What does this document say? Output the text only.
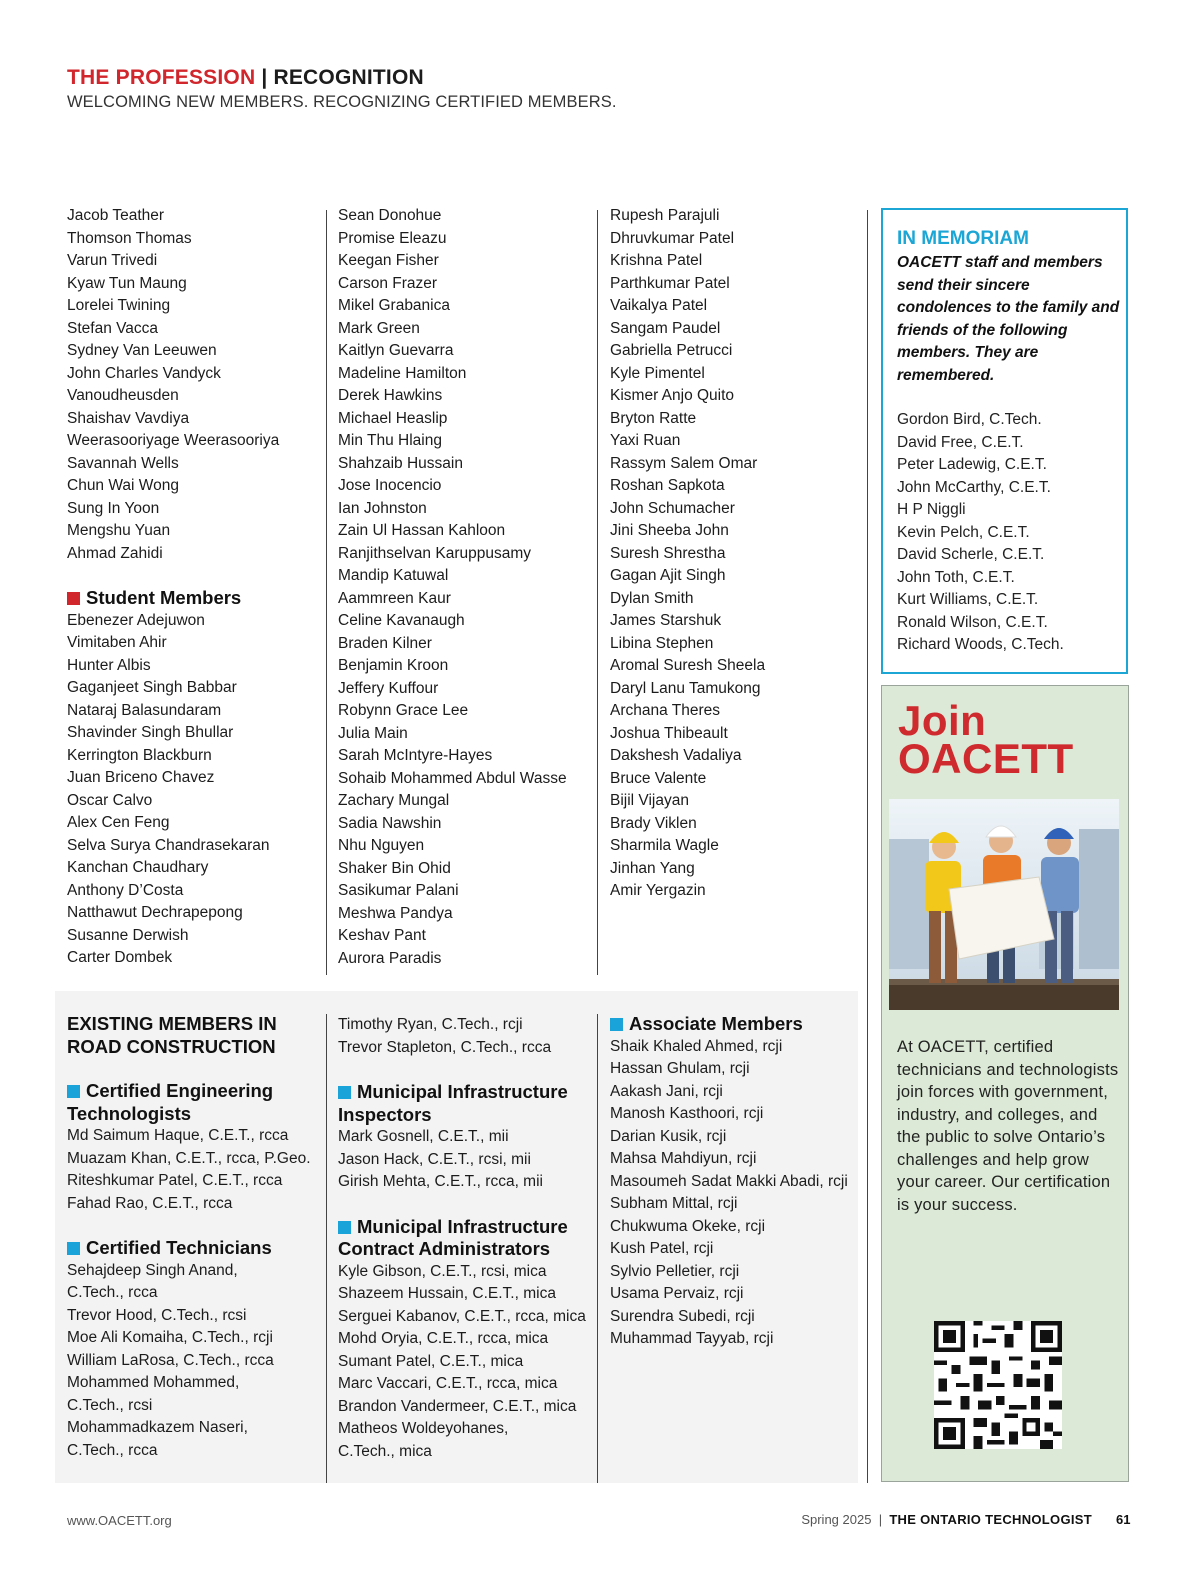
THE PROFESSION | RECOGNITION
WELCOMING NEW MEMBERS. RECOGNIZING CERTIFIED MEMBERS.
Jacob Teather
Thomson Thomas
Varun Trivedi
Kyaw Tun Maung
Lorelei Twining
Stefan Vacca
Sydney Van Leeuwen
John Charles Vandyck
Vanoudheusden
Shaishav Vavdiya
Weerasooriyage Weerasooriya
Savannah Wells
Chun Wai Wong
Sung In Yoon
Mengshu Yuan
Ahmad Zahidi
Student Members
Ebenezer Adejuwon
Vimitaben Ahir
Hunter Albis
Gaganjeet Singh Babbar
Nataraj Balasundaram
Shavinder Singh Bhullar
Kerrington Blackburn
Juan Briceno Chavez
Oscar Calvo
Alex Cen Feng
Selva Surya Chandrasekaran
Kanchan Chaudhary
Anthony D’Costa
Natthawut Dechrapepong
Susanne Derwish
Carter Dombek
Sean Donohue
Promise Eleazu
Keegan Fisher
Carson Frazer
Mikel Grabanica
Mark Green
Kaitlyn Guevarra
Madeline Hamilton
Derek Hawkins
Michael Heaslip
Min Thu Hlaing
Shahzaib Hussain
Jose Inocencio
Ian Johnston
Zain Ul Hassan Kahloon
Ranjithselvan Karuppusamy
Mandip Katuwal
Aammreen Kaur
Celine Kavanaugh
Braden Kilner
Benjamin Kroon
Jeffery Kuffour
Robynn Grace Lee
Julia Main
Sarah McIntyre-Hayes
Sohaib Mohammed Abdul Wasse
Zachary Mungal
Sadia Nawshin
Nhu Nguyen
Shaker Bin Ohid
Sasikumar Palani
Meshwa Pandya
Keshav Pant
Aurora Paradis
Rupesh Parajuli
Dhruvkumar Patel
Krishna Patel
Parthkumar Patel
Vaikalya Patel
Sangam Paudel
Gabriella Petrucci
Kyle Pimentel
Kismer Anjo Quito
Bryton Ratte
Yaxi Ruan
Rassym Salem Omar
Roshan Sapkota
John Schumacher
Jini Sheeba John
Suresh Shrestha
Gagan Ajit Singh
Dylan Smith
James Starshuk
Libina Stephen
Aromal Suresh Sheela
Daryl Lanu Tamukong
Archana Theres
Joshua Thibeault
Dakshesh Vadaliya
Bruce Valente
Bijil Vijayan
Brady Viklen
Sharmila Wagle
Jinhan Yang
Amir Yergazin
EXISTING MEMBERS IN
ROAD CONSTRUCTION
Certified Engineering
Technologists
Md Saimum Haque, C.E.T., rcca
Muazam Khan, C.E.T., rcca, P.Geo.
Riteshkumar Patel, C.E.T., rcca
Fahad Rao, C.E.T., rcca
Certified Technicians
Sehajdeep Singh Anand,
C.Tech., rcca
Trevor Hood, C.Tech., rcsi
Moe Ali Komaiha, C.Tech., rcji
William LaRosa, C.Tech., rcca
Mohammed Mohammed,
C.Tech., rcsi
Mohammadkazem Naseri,
C.Tech., rcca
Timothy Ryan, C.Tech., rcji
Trevor Stapleton, C.Tech., rcca
Municipal Infrastructure
Inspectors
Mark Gosnell, C.E.T., mii
Jason Hack, C.E.T., rcsi, mii
Girish Mehta, C.E.T., rcca, mii
Municipal Infrastructure
Contract Administrators
Kyle Gibson, C.E.T., rcsi, mica
Shazeem Hussain, C.E.T., mica
Serguei Kabanov, C.E.T., rcca, mica
Mohd Oryia, C.E.T., rcca, mica
Sumant Patel, C.E.T., mica
Marc Vaccari, C.E.T., rcca, mica
Brandon Vandermeer, C.E.T., mica
Matheos Woldeyohanes,
C.Tech., mica
Associate Members
Shaik Khaled Ahmed, rcji
Hassan Ghulam, rcji
Aakash Jani, rcji
Manosh Kasthoori, rcji
Darian Kusik, rcji
Mahsa Mahdiyun, rcji
Masoumeh Sadat Makki Abadi, rcji
Subham Mittal, rcji
Chukwuma Okeke, rcji
Kush Patel, rcji
Sylvio Pelletier, rcji
Usama Pervaiz, rcji
Surendra Subedi, rcji
Muhammad Tayyab, rcji
IN MEMORIAM
OACETT staff and members send their sincere condolences to the family and friends of the following members. They are remembered.
Gordon Bird, C.Tech.
David Free, C.E.T.
Peter Ladewig, C.E.T.
John McCarthy, C.E.T.
H P Niggli
Kevin Pelch, C.E.T.
David Scherle, C.E.T.
John Toth, C.E.T.
Kurt Williams, C.E.T.
Ronald Wilson, C.E.T.
Richard Woods, C.Tech.
Join
OACETT
At OACETT, certified technicians and technologists join forces with government, industry, and colleges, and the public to solve Ontario’s challenges and help grow your career. Our certification is your success.
www.OACETT.org	Spring 2025 | THE ONTARIO TECHNOLOGIST 61
